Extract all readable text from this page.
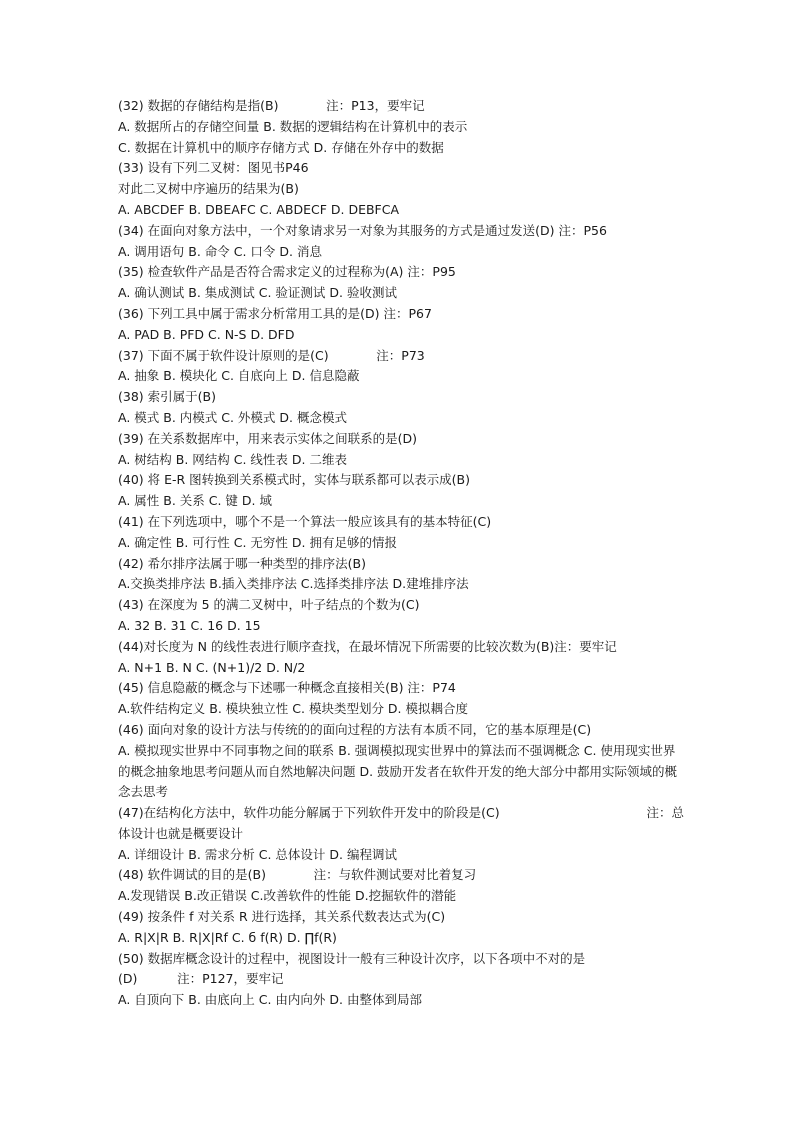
(32) 数据的存储结构是指(B)            注：P13，要牢记
A. 数据所占的存储空间量 B. 数据的逻辑结构在计算机中的表示
C. 数据在计算机中的顺序存储方式 D. 存储在外存中的数据
(33) 设有下列二叉树：图见书P46
对此二叉树中序遍历的结果为(B)
A. ABCDEF B. DBEAFC C. ABDECF D. DEBFCA
(34) 在面向对象方法中，一个对象请求另一对象为其服务的方式是通过发送(D) 注：P56
A. 调用语句 B. 命令 C. 口令 D. 消息
(35) 检查软件产品是否符合需求定义的过程称为(A) 注：P95
A. 确认测试 B. 集成测试 C. 验证测试 D. 验收测试
(36) 下列工具中属于需求分析常用工具的是(D) 注：P67
A. PAD B. PFD C. N-S D. DFD
(37) 下面不属于软件设计原则的是(C)            注：P73
A. 抽象 B. 模块化 C. 自底向上 D. 信息隐蔽
(38) 索引属于(B)
A. 模式 B. 内模式 C. 外模式 D. 概念模式
(39) 在关系数据库中，用来表示实体之间联系的是(D)
A. 树结构 B. 网结构 C. 线性表 D. 二维表
(40) 将 E-R 图转换到关系模式时，实体与联系都可以表示成(B)
A. 属性 B. 关系 C. 键 D. 域
(41) 在下列选项中，哪个不是一个算法一般应该具有的基本特征(C)
A. 确定性 B. 可行性 C. 无穷性 D. 拥有足够的情报
(42) 希尔排序法属于哪一种类型的排序法(B)
A.交换类排序法 B.插入类排序法 C.选择类排序法 D.建堆排序法
(43) 在深度为 5 的满二叉树中，叶子结点的个数为(C)
A. 32 B. 31 C. 16 D. 15
(44)对长度为 N 的线性表进行顺序查找，在最坏情况下所需要的比较次数为(B)注：要牢记
A. N+1 B. N C. (N+1)/2 D. N/2
(45) 信息隐蔽的概念与下述哪一种概念直接相关(B) 注：P74
A.软件结构定义 B. 模块独立性 C. 模块类型划分 D. 模拟耦合度
(46) 面向对象的设计方法与传统的的面向过程的方法有本质不同，它的基本原理是(C)
A. 模拟现实世界中不同事物之间的联系 B. 强调模拟现实世界中的算法而不强调概念 C. 使用现实世界的概念抽象地思考问题从而自然地解决问题 D. 鼓励开发者在软件开发的绝大部分中都用实际领域的概念去思考
(47)在结构化方法中，软件功能分解属于下列软件开发中的阶段是(C)	注：总
体设计也就是概要设计
A. 详细设计 B. 需求分析 C. 总体设计 D. 编程调试
(48) 软件调试的目的是(B)            注：与软件测试要对比着复习
A.发现错误 B.改正错误 C.改善软件的性能 D.挖掘软件的潜能
(49) 按条件 f 对关系 R 进行选择，其关系代数表达式为(C)
A. R|X|R B. R|X|Rf C. б f(R) D. ∏f(R)
(50) 数据库概念设计的过程中，视图设计一般有三种设计次序，以下各项中不对的是
(D)          注：P127，要牢记
A. 自顶向下 B. 由底向上 C. 由内向外 D. 由整体到局部
